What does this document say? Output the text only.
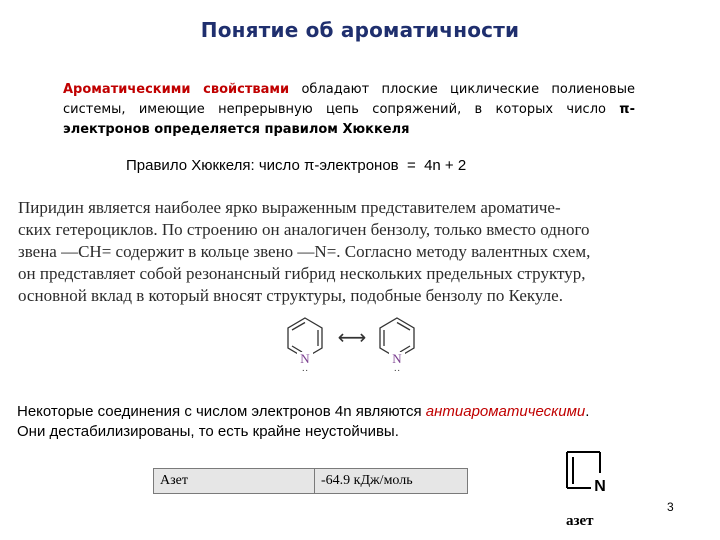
Понятие об ароматичности
Ароматическими свойствами обладают плоские циклические полиеновые системы, имеющие непрерывную цепь сопряжений, в которых число π-электронов определяется правилом Хюккеля
Правило Хюккеля: число π-электронов  =  4n + 2
Пиридин является наиболее ярко выраженным представителем ароматиче-
ских гетероциклов. По строению он аналогичен бензолу, только вместо одного
звена —CH= содержит в кольце звено —N=. Согласно методу валентных схем,
он представляет собой резонансный гибрид нескольких предельных структур,
основной вклад в который вносят структуры, подобные бензолу по Кекуле.
N
··
⟷
N
··
Некоторые соединения с числом электронов 4n являются антиароматическими.
Они дестабилизированы, то есть крайне неустойчивы.
Азет	-64.9 кДж/моль	N
азет
3
